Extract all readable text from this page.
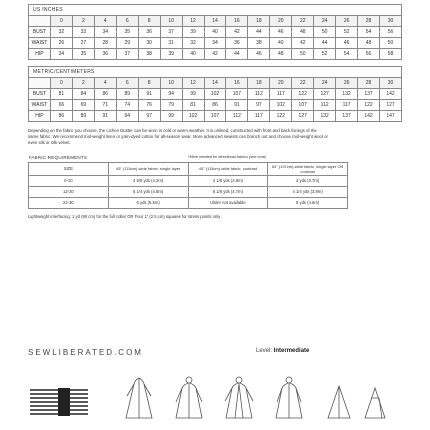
US INCHES																
	0	2	4	6	8	10	12	14	16	18	20	22	24	26	28	30
BUST	32	33	34	35	36	37	39	40	42	44	46	48	50	52	54	56
WAIST	26	27	28	29	30	31	32	34	36	38	40	42	44	46	48	50
HIP	34	35	36	37	38	39	40	42	44	46	48	50	52	54	56	58
METRIC/CENTIMETERS																
	0	2	4	6	8	10	12	14	16	18	20	22	24	26	28	30
BUST	81	84	86	89	91	94	99	102	107	112	117	122	127	132	137	142
WAIST	66	69	71	74	76	79	81	86	91	97	102	107	112	117	122	127
HIP	86	89	91	94	97	99	102	107	112	117	122	127	132	137	142	147

Depending on the fabric you choose, the Lichen Duster can be worn in cold or warm weather. It is unlined, constructed with front and back facings of the same fabric. We recommend mid-weight linen or yarn-dyed cotton for all-season wear. More advanced sewists can branch out and choose mid-weight wool or even silk or silk velvet.

FABRIC REQUIREMENTS		*More needed for directional fabrics (see note)	
SIZE	45" (115cm)-wide fabric, single layer	45" (115cm)-wide fabric, contrast	54" (137cm)-wide fabric, single layer OR contrast
0-10	4 5/8 yds (4.2m)	4 1/8 yds (3.8m)	4 yds (3.7m)
12-20	5 1/4 yds (4.8m)	5 1/8 yds (4.7m)	4 1/4 yds (3.9m)
22-30	6 yds (5.5m)	Ulster not available	5 yds (4.6m)

Lightweight interfacing: 1 yd (90 cm) for the full collar OR Four 1" (2.5 cm) squares for stress points only

SEWLIBERATED.COM	Level: Intermediate
